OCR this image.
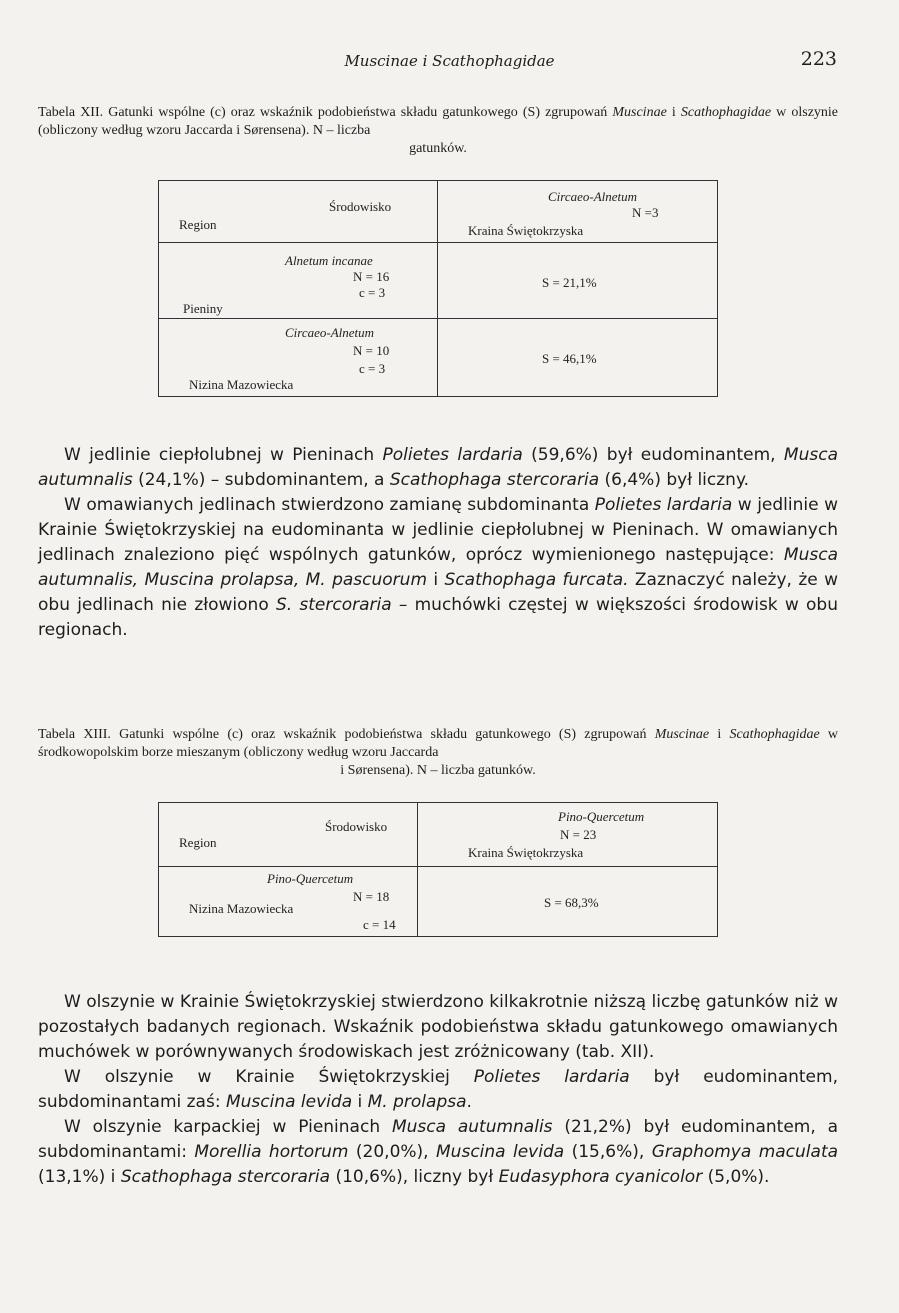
Muscinae i Scathophagidae	223
Tabela XII. Gatunki wspólne (c) oraz wskaźnik podobieństwa składu gatunkowego (S) zgrupowań Muscinae i Scathophagidae w olszynie (obliczony według wzoru Jaccarda i Sørensena). N – liczba
gatunków.
Region
Środowisko	Circaeo-Alnetum
N =3
Kraina Świętokrzyska

Alnetum incanae
N = 16
c = 3
Pieniny	S = 21,1%

Circaeo-Alnetum
N = 10
c = 3
Nizina Mazowiecka	S = 46,1%

W jedlinie ciepłolubnej w Pieninach Polietes lardaria (59,6%) był eudominantem, Musca autumnalis (24,1%) – subdominantem, a Scathophaga stercoraria (6,4%) był liczny.

W omawianych jedlinach stwierdzono zamianę subdominanta Polietes lardaria w jedlinie w Krainie Świętokrzyskiej na eudominanta w jedlinie ciepłolubnej w Pieninach. W omawianych jedlinach znaleziono pięć wspólnych gatunków, oprócz wymienionego następujące: Musca autumnalis, Muscina prolapsa, M. pascuorum i Scathophaga furcata. Zaznaczyć należy, że w obu jedlinach nie złowiono S. stercoraria – muchówki częstej w większości środowisk w obu regionach.

Tabela XIII. Gatunki wspólne (c) oraz wskaźnik podobieństwa składu gatunkowego (S) zgrupowań Muscinae i Scathophagidae w środkowopolskim borze mieszanym (obliczony według wzoru Jaccarda
i Sørensena). N – liczba gatunków.
Region
Środowisko	Pino-Quercetum
N = 23
Kraina Świętokrzyska

Pino-Quercetum
N = 18
Nizina Mazowiecka
c = 14	S = 68,3%

W olszynie w Krainie Świętokrzyskiej stwierdzono kilkakrotnie niższą liczbę gatunków niż w pozostałych badanych regionach. Wskaźnik podobieństwa składu gatunkowego omawianych muchówek w porównywanych środowiskach jest zróżnicowany (tab. XII).

W olszynie w Krainie Świętokrzyskiej Polietes lardaria był eudominantem, subdominantami zaś: Muscina levida i M. prolapsa.

W olszynie karpackiej w Pieninach Musca autumnalis (21,2%) był eudominantem, a subdominantami: Morellia hortorum (20,0%), Muscina levida (15,6%), Graphomya maculata (13,1%) i Scathophaga stercoraria (10,6%), liczny był Eudasyphora cyanicolor (5,0%).
